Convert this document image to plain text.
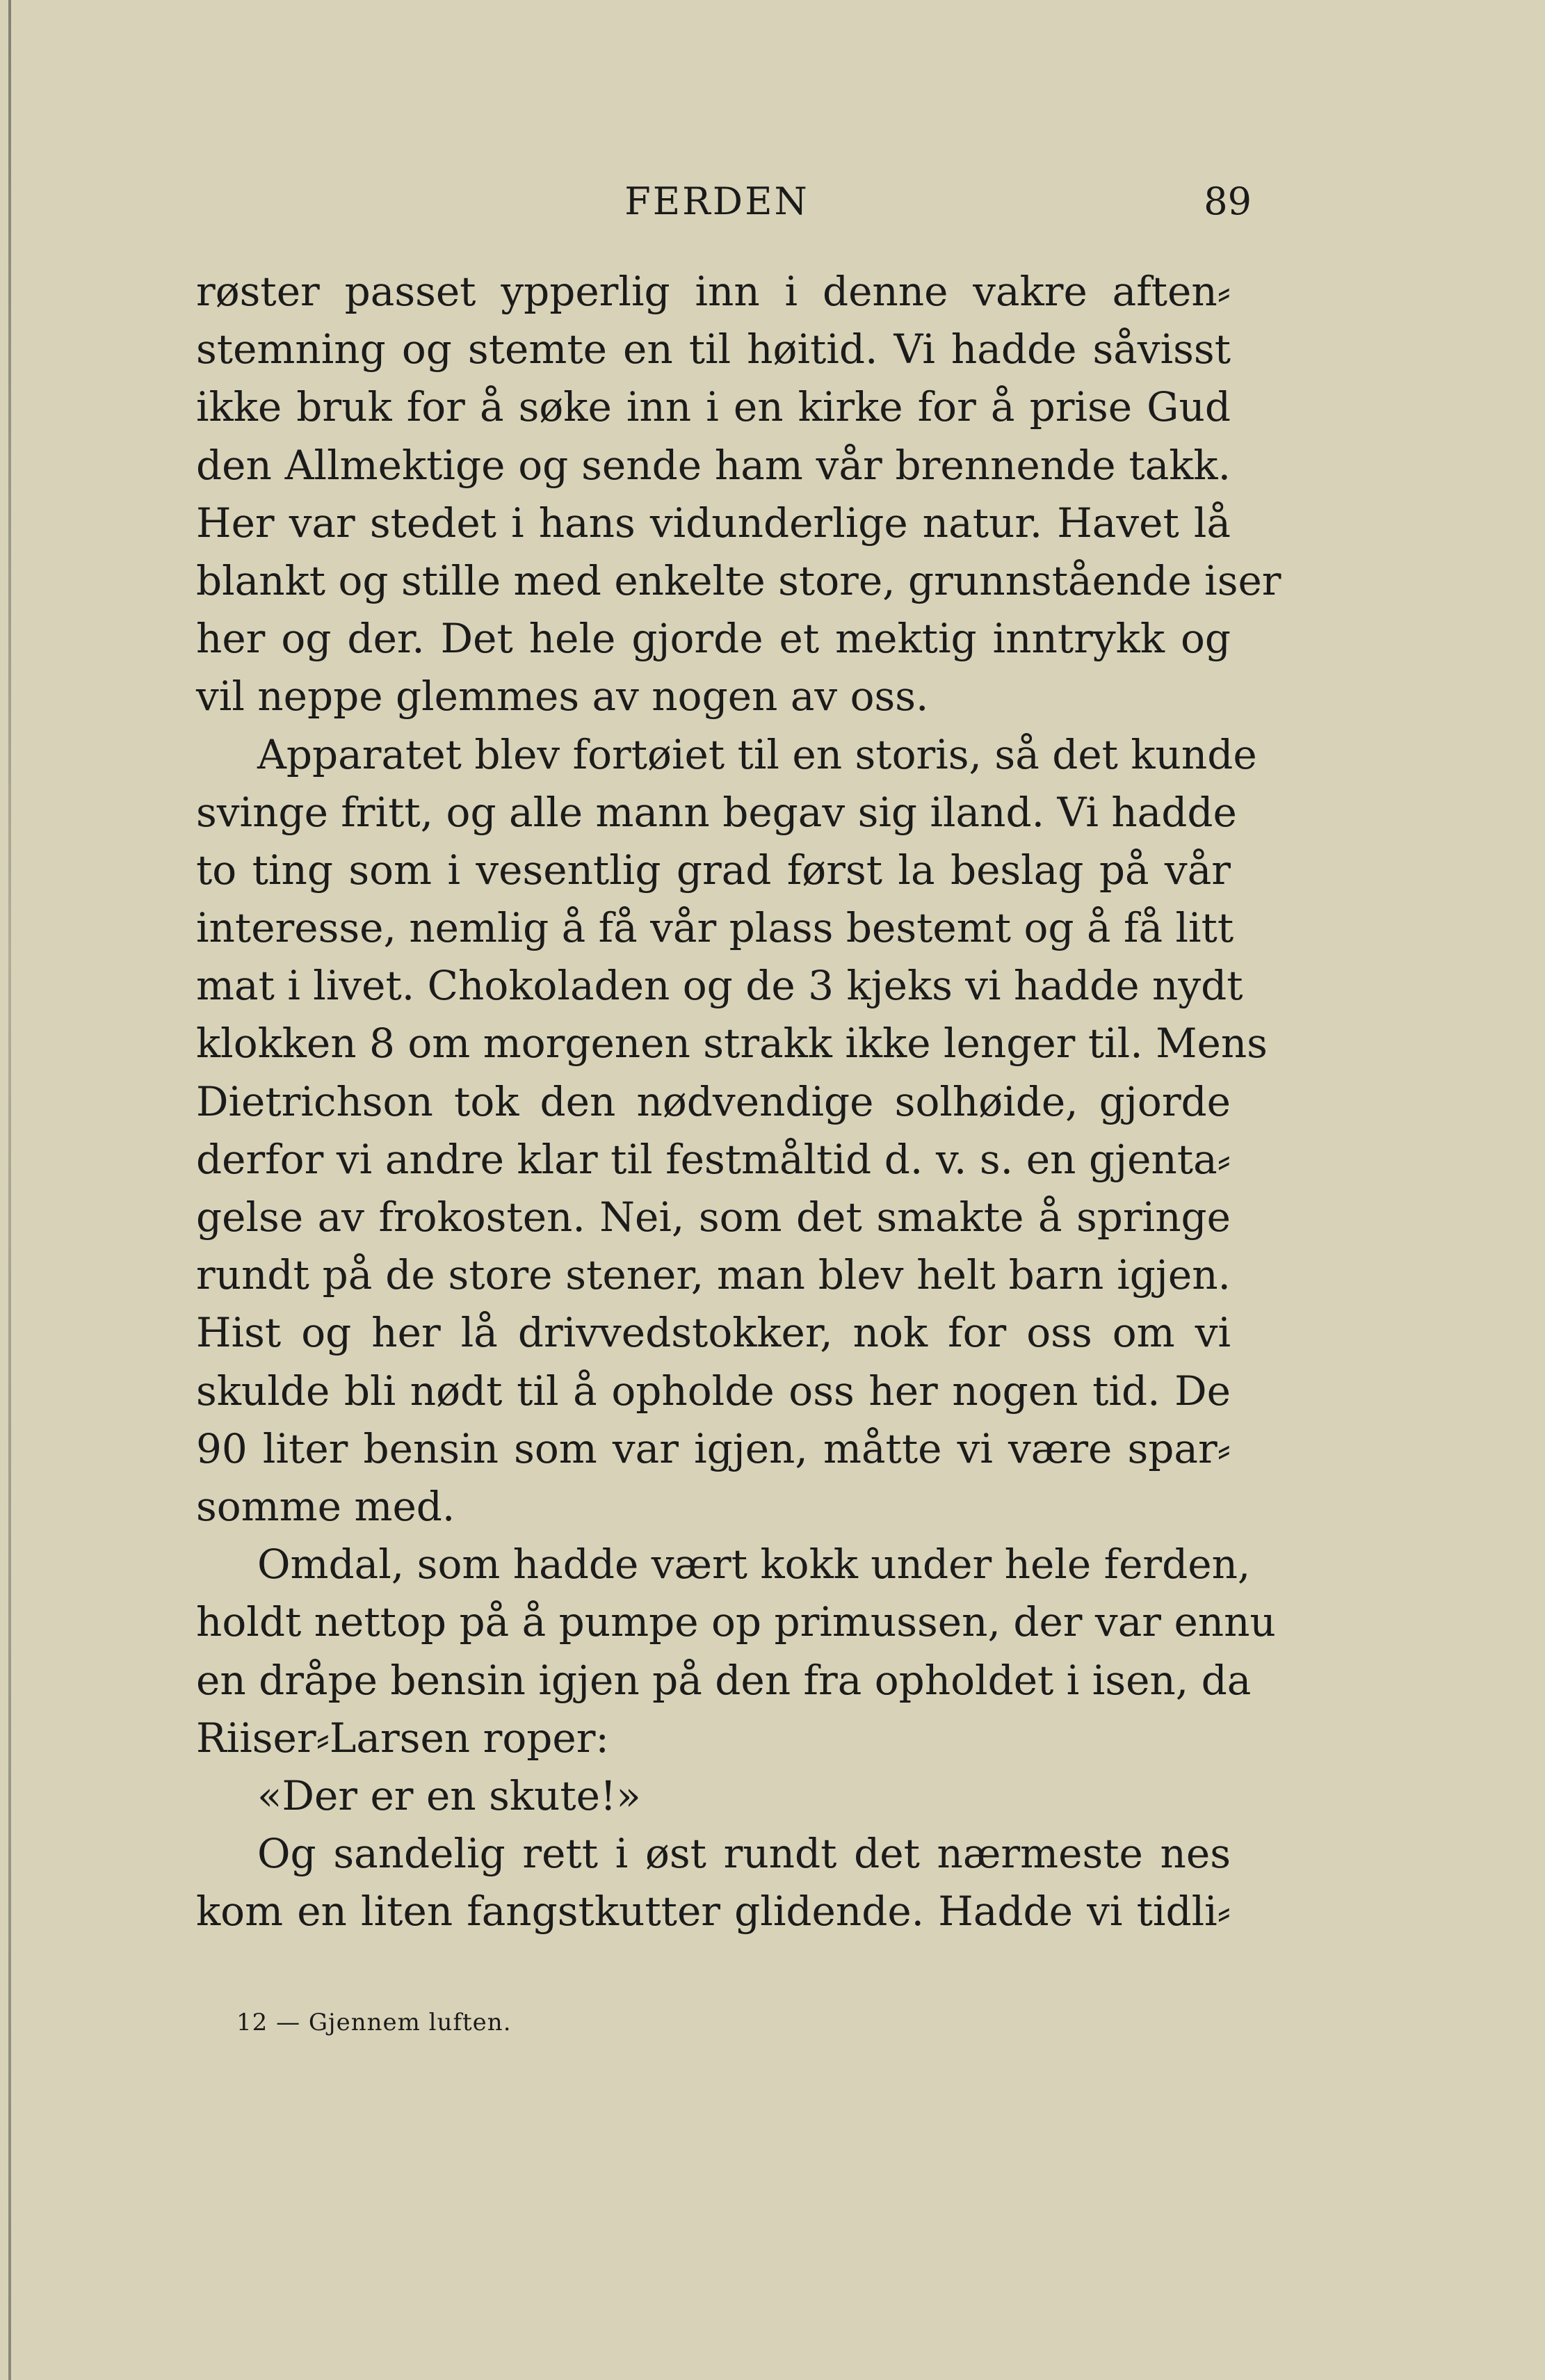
FERDEN	89
røster passet ypperlig inn i denne vakre aften⸗
stemning og stemte en til høitid. Vi hadde såvisst
ikke bruk for å søke inn i en kirke for å prise Gud
den Allmektige og sende ham vår brennende takk.
Her var stedet i hans vidunderlige natur. Havet lå
blankt og stille med enkelte store, grunnstående iser
her og der. Det hele gjorde et mektig inntrykk og
vil neppe glemmes av nogen av oss.
Apparatet blev fortøiet til en storis, så det kunde
svinge fritt, og alle mann begav sig iland. Vi hadde
to ting som i vesentlig grad først la beslag på vår
interesse, nemlig å få vår plass bestemt og å få litt
mat i livet. Chokoladen og de 3 kjeks vi hadde nydt
klokken 8 om morgenen strakk ikke lenger til. Mens
Dietrichson tok den nødvendige solhøide, gjorde
derfor vi andre klar til festmåltid d. v. s. en gjenta⸗
gelse av frokosten. Nei, som det smakte å springe
rundt på de store stener, man blev helt barn igjen.
Hist og her lå drivvedstokker, nok for oss om vi
skulde bli nødt til å opholde oss her nogen tid. De
90 liter bensin som var igjen, måtte vi være spar⸗
somme med.
Omdal, som hadde vært kokk under hele ferden,
holdt nettop på å pumpe op primussen, der var ennu
en dråpe bensin igjen på den fra opholdet i isen, da
Riiser⸗Larsen roper:
«Der er en skute!»
Og sandelig rett i øst rundt det nærmeste nes
kom en liten fangstkutter glidende. Hadde vi tidli⸗
12 — Gjennem luften.
